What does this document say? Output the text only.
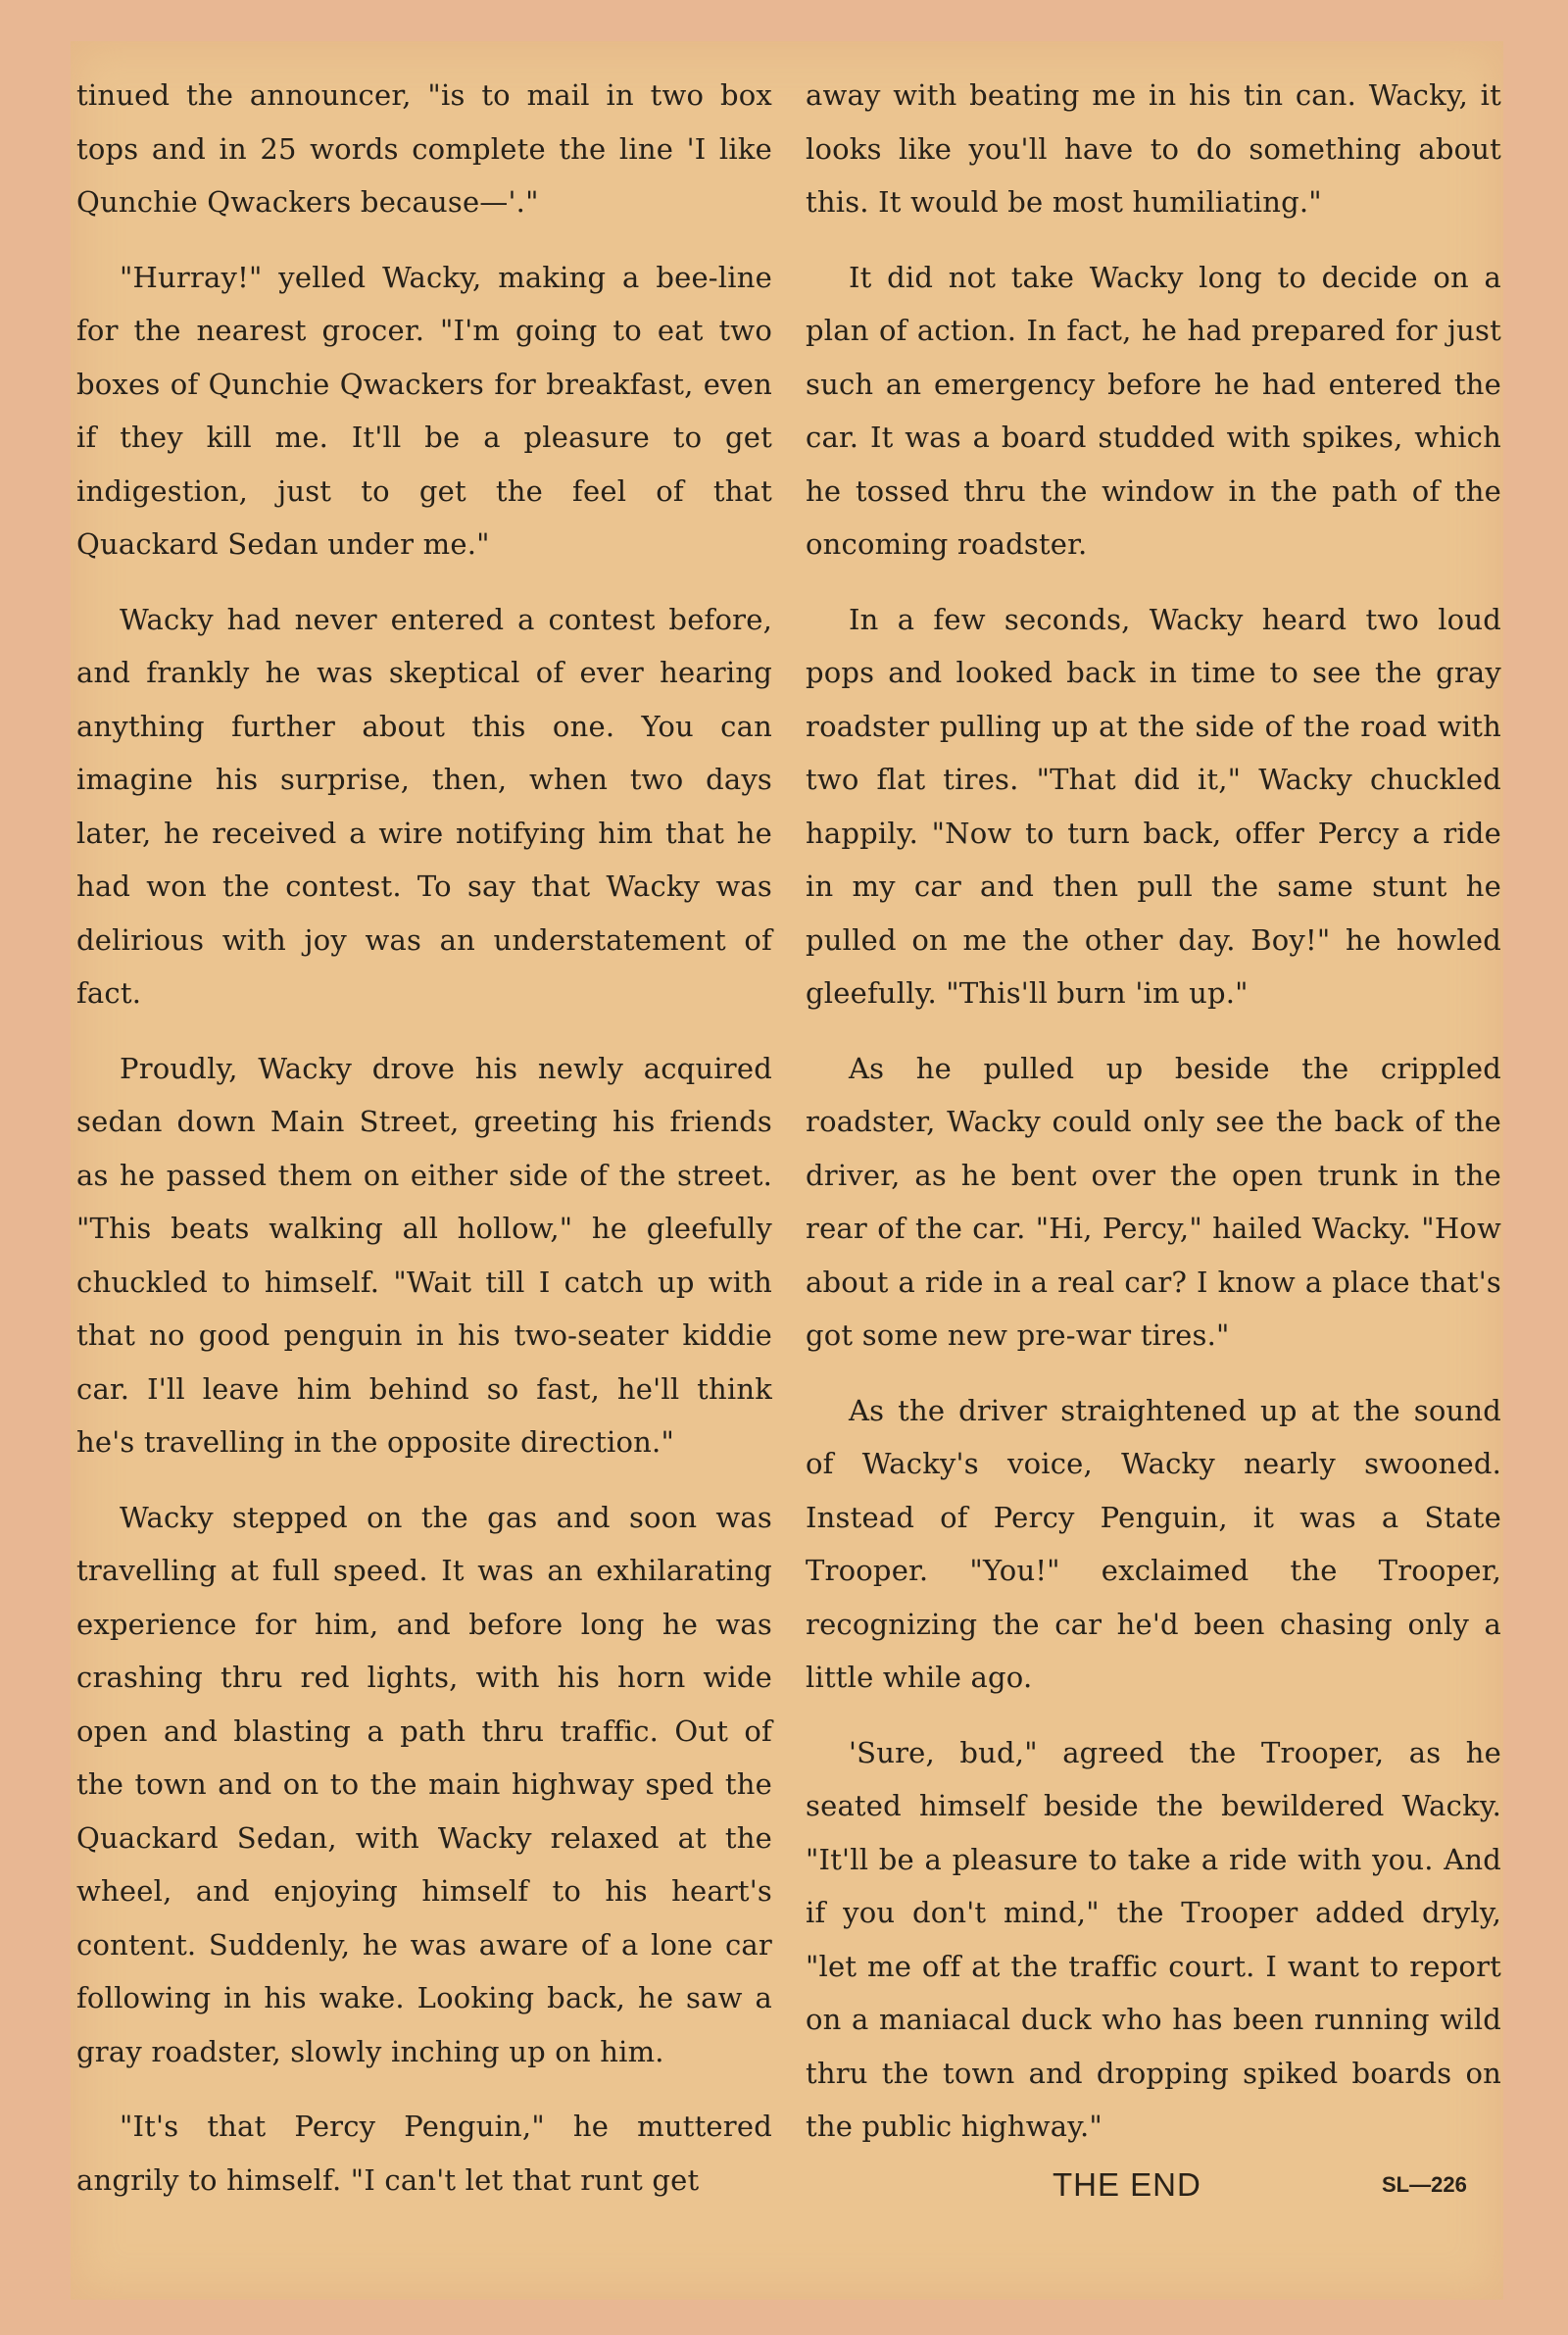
tinued the announcer, "is to mail in two box tops and in 25 words complete the line 'I like Qunchie Qwackers because—'."

"Hurray!" yelled Wacky, making a bee-line for the nearest grocer. "I'm going to eat two boxes of Qunchie Qwackers for breakfast, even if they kill me. It'll be a pleasure to get indigestion, just to get the feel of that Quackard Sedan under me."

Wacky had never entered a contest before, and frankly he was skeptical of ever hearing anything further about this one. You can imagine his surprise, then, when two days later, he received a wire notifying him that he had won the contest. To say that Wacky was delirious with joy was an understatement of fact.

Proudly, Wacky drove his newly acquired sedan down Main Street, greeting his friends as he passed them on either side of the street. "This beats walking all hollow," he gleefully chuckled to himself. "Wait till I catch up with that no good penguin in his two-seater kiddie car. I'll leave him behind so fast, he'll think he's travelling in the opposite direction."

Wacky stepped on the gas and soon was travelling at full speed. It was an exhilarating experience for him, and before long he was crashing thru red lights, with his horn wide open and blasting a path thru traffic. Out of the town and on to the main highway sped the Quackard Sedan, with Wacky relaxed at the wheel, and enjoying himself to his heart's content. Suddenly, he was aware of a lone car following in his wake. Looking back, he saw a gray roadster, slowly inching up on him.

"It's that Percy Penguin," he muttered angrily to himself. "I can't let that runt get

away with beating me in his tin can. Wacky, it looks like you'll have to do something about this. It would be most humiliating."

It did not take Wacky long to decide on a plan of action. In fact, he had prepared for just such an emergency before he had entered the car. It was a board studded with spikes, which he tossed thru the window in the path of the oncoming roadster.

In a few seconds, Wacky heard two loud pops and looked back in time to see the gray roadster pulling up at the side of the road with two flat tires. "That did it," Wacky chuckled happily. "Now to turn back, offer Percy a ride in my car and then pull the same stunt he pulled on me the other day. Boy!" he howled gleefully. "This'll burn 'im up."

As he pulled up beside the crippled roadster, Wacky could only see the back of the driver, as he bent over the open trunk in the rear of the car. "Hi, Percy," hailed Wacky. "How about a ride in a real car? I know a place that's got some new pre-war tires."

As the driver straightened up at the sound of Wacky's voice, Wacky nearly swooned. Instead of Percy Penguin, it was a State Trooper. "You!" exclaimed the Trooper, recognizing the car he'd been chasing only a little while ago.

'Sure, bud," agreed the Trooper, as he seated himself beside the bewildered Wacky. "It'll be a pleasure to take a ride with you. And if you don't mind," the Trooper added dryly, "let me off at the traffic court. I want to report on a maniacal duck who has been running wild thru the town and dropping spiked boards on the public highway."

THE END	SL—226
